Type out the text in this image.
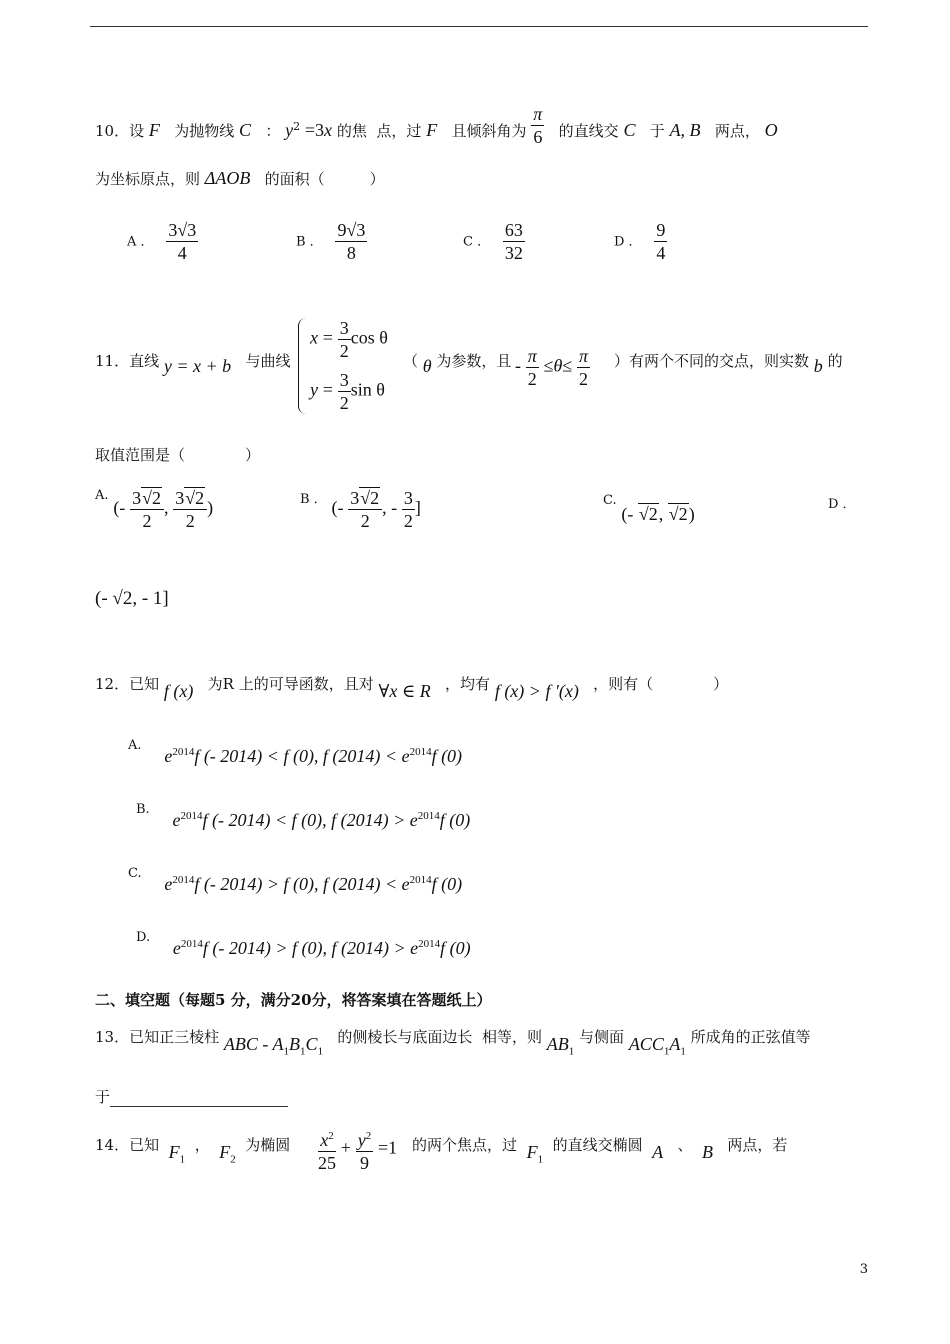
10．设 F 为抛物线 C ： $y^2 =3x$ 的焦 点，过 F 且倾斜角为 $\frac{\pi}{6}$ 的直线交 C 于 A, B 两点， O
为坐标原点，则 ΔAOB 的面积（　　　）
A ． $\frac{3√3}{4}$	B ． $\frac{9√3}{8}$	C ． $\frac{63}{32}$	D ． $\frac{9}{4}$
11．直线 y = x + b 与曲线
$x = \frac{3}{2}$ cos θ
$y = \frac{3}{2}$ sin θ
（ θ 为参数，且 - $\frac{\pi}{2} \le\theta\le \frac{\pi}{2}$ ）有两个不同的交点，则实数 b 的
取值范围是（　　　　）
A. (- $\frac{3√2}{2}$ , $\frac{3√2}{2}$ )	B ． (- $\frac{3√2}{2}$ , - $\frac{3}{2}$ ]	C. (- √2, √2)	D ．
(- √2, - 1]
12．已知 f (x) 为R 上的可导函数，且对 ∀x ∈ R ，均有 f (x) > f ′(x) ，则有（　　　　）
A. $e^{2014}f$ (- 2014) < f (0), f $(2014) < e^{2014}f$ (0)
B. $e^{2014}f$ (- 2014) < f (0), f $(2014) > e^{2014}f$ (0)
C. $e^{2014}f$ (- 2014) > f (0), f $(2014) < e^{2014}f$ (0)
D. $e^{2014}f$ (- 2014) > f (0), f $(2014) > e^{2014}f$ (0)
二、填空题（每题5 分，满分20分，将答案填在答题纸上）
13．已知正三棱柱 ABC - $A_1B_1C_1$   的侧棱长与底面边长 相等，则 $AB_1$ 与侧面 $ACC_1A_1$ 所成角的正弦值等
于
14．已知 $F_1$  ， $F_2$  为椭圆 $\frac{x^2}{25} + \frac{y^2}{9} =1$ 的两个焦点，过 $F_1$  的直线交椭圆 A 、 B 两点，若
3
